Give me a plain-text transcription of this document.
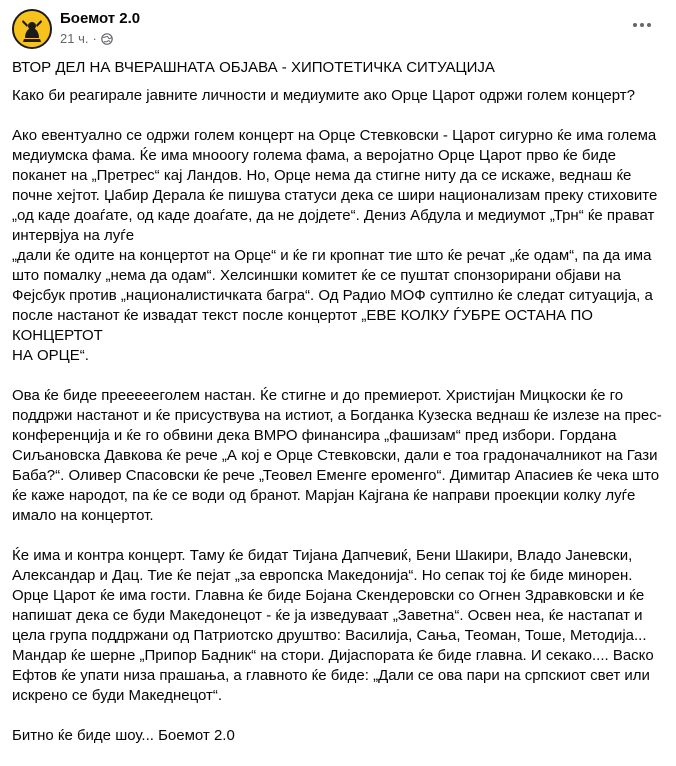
Боемот 2.0
21 ч. ·

ВТОР ДЕЛ НА ВЧЕРАШНАТА ОБЈАВА - ХИПОТЕТИЧКА СИТУАЦИЈА

Како би реагирале јавните личности и медиумите ако Орце Царот одржи голем концерт?

Ако евентуално се одржи голем концерт на Орце Стевковски - Царот сигурно ќе има голема
медиумска фама. Ќе има мнооогу голема фама, а веројатно Орце Царот прво ќе биде
поканет на „Претрес“ кај Ландов. Но, Орце нема да стигне ниту да се искаже, веднаш ќе
почне хејтот. Џабир Дерала ќе пишува статуси дека се шири национализам преку стиховите
„од каде доаѓате, од каде доаѓате, да не дојдете“. Дениз Абдула и медиумот „Трн“ ќе прават интервјуа на луѓе
„дали ќе одите на концертот на Орце“ и ќе ги кропнат тие што ќе речат „ќе одам“, па да има
што помалку „нема да одам“. Хелсиншки комитет ќе се пуштат спонзорирани објави на
Фејсбук против „националистичката багра“. Од Радио МОФ суптилно ќе следат ситуација, а
после настанот ќе извадат текст после концертот „ЕВЕ КОЛКУ ЃУБРЕ ОСТАНА ПО КОНЦЕРТОТ
НА ОРЦЕ“.

Ова ќе биде преееееголем настан. Ќе стигне и до премиерот. Христијан Мицкоски ќе го
поддржи настанот и ќе присуствува на истиот, а Богданка Кузеска веднаш ќе излезе на прес-
конференција и ќе го обвини дека ВМРО финансира „фашизам“ пред избори. Гордана
Сиљановска Давкова ќе рече „А кој е Орце Стевковски, дали е тоа градоначалникот на Гази
Баба?“. Оливер Спасовски ќе рече „Теовел Еменге ероменго“. Димитар Апасиев ќе чека што
ќе каже народот, па ќе се води од бранот. Марјан Кајгана ќе направи проекции колку луѓе
имало на концертот.

Ќе има и контра концерт. Таму ќе бидат Тијана Дапчевиќ, Бени Шакири, Владо Јаневски,
Александар и Дац. Тие ќе пејат „за европска Македонија“. Но сепак тој ќе биде минорен.
Орце Царот ќе има гости. Главна ќе биде Бојана Скендеровски со Огнен Здравковски и ќе
напишат дека се буди Македонецот - ќе ја изведуваат „Заветна“. Освен неа, ќе настапат и
цела група поддржани од Патриотско друштво: Василија, Сања, Теоман, Тоше, Методија...
Мандар ќе шерне „Припор Бадник“ на стори. Дијаспората ќе биде главна. И секако.... Васко
Ефтов ќе упати низа прашања, а главното ќе биде: „Дали се ова пари на српскиот свет или
искрено се буди Македнецот“.

Битно ќе биде шоу... Боемот 2.0
